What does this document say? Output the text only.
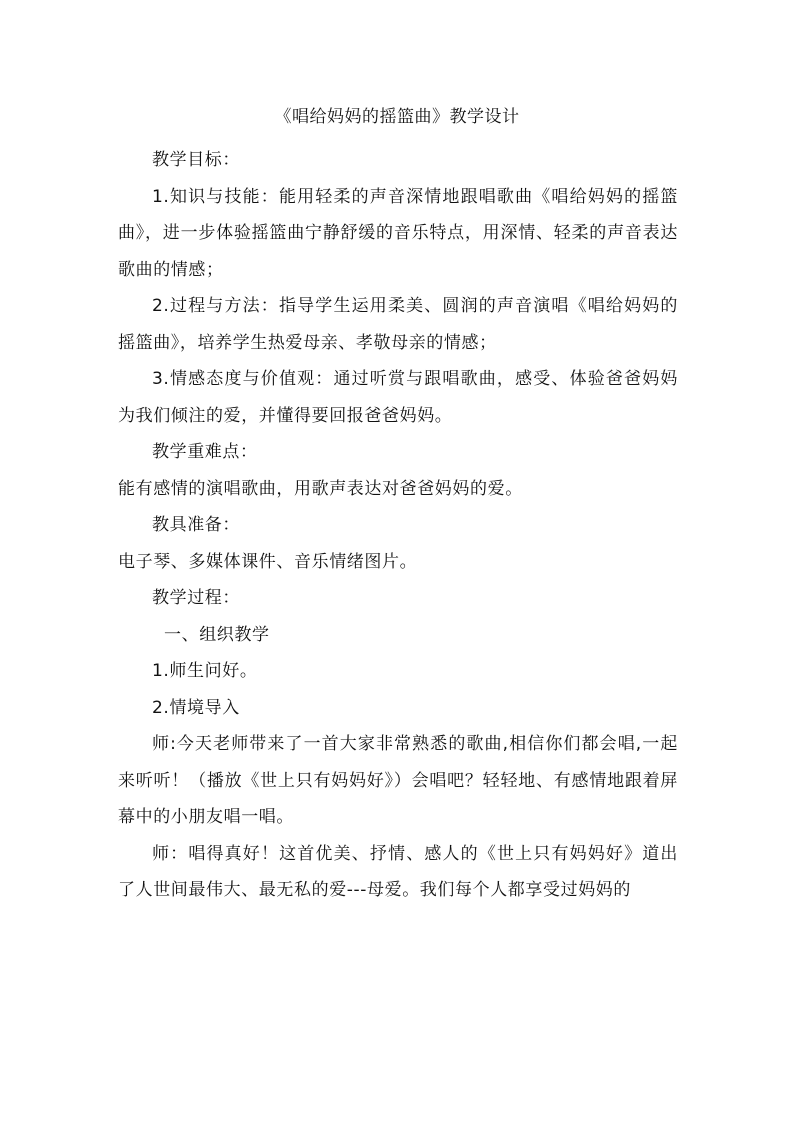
《唱给妈妈的摇篮曲》教学设计

教学目标：

1.知识与技能：能用轻柔的声音深情地跟唱歌曲《唱给妈妈的摇篮曲》，进一步体验摇篮曲宁静舒缓的音乐特点，用深情、轻柔的声音表达歌曲的情感；

2.过程与方法：指导学生运用柔美、圆润的声音演唱《唱给妈妈的摇篮曲》，培养学生热爱母亲、孝敬母亲的情感；

3.情感态度与价值观：通过听赏与跟唱歌曲，感受、体验爸爸妈妈为我们倾注的爱，并懂得要回报爸爸妈妈。

教学重难点：

能有感情的演唱歌曲，用歌声表达对爸爸妈妈的爱。

教具准备：

电子琴、多媒体课件、音乐情绪图片。

教学过程：

一、组织教学

1.师生问好。

2.情境导入

师:今天老师带来了一首大家非常熟悉的歌曲,相信你们都会唱,一起来听听！（播放《世上只有妈妈好》）会唱吧？轻轻地、有感情地跟着屏幕中的小朋友唱一唱。

师：唱得真好！这首优美、抒情、感人的《世上只有妈妈好》道出了人世间最伟大、最无私的爱---母爱。我们每个人都享受过妈妈的
